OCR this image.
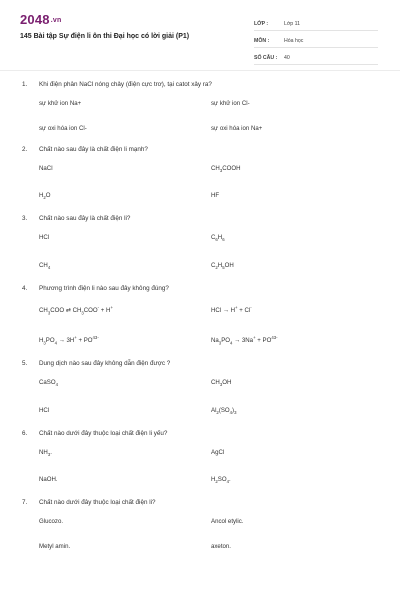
2048.vn
145 Bài tập Sự điện li ôn thi Đại học có lời giải (P1)
LỚP :	Lớp 11
MÔN :	Hóa học
SỐ CÂU :	40
1.	Khi điện phân NaCl nóng chảy (điện cực trơ), tại catot xảy ra?
sự khử ion Na+	sự khử ion Cl-
sự oxi hóa ion Cl-	sự oxi hóa ion Na+
2.	Chất nào sau đây là chất điện li mạnh?
NaCl	$CH_3COOH$
$H_2O$	HF
3.	Chất nào sau đây là chất điện li?
HCl	$C_6H_6$
$CH_4$	$C_2H_5OH$
4.	Phương trình điện li nào sau đây không đúng?
$CH_3COO$ ⇄ $CH_3COO^- + H^+$	HCl → H+ + Cl-
$H_3PO_4 \to 3H^+ + PO^{43-}$	$Na_3PO_4 \to 3Na^+ + PO^{43-}$
5.	Dung dịch nào sau đây không dẫn điện được ?
CaSO$_4$	$CH_3OH$
HCl	$Al_2(SO_4)_3$
6.	Chất nào dưới đây thuộc loại chất điện li yếu?
$NH_3$.	AgCl
NaOH.	$H_2SO_4$.
7.	Chất nào dưới đây thuộc loại chất điện li?
Glucozo.	Ancol etylic.
Metyl amin.	axeton.
